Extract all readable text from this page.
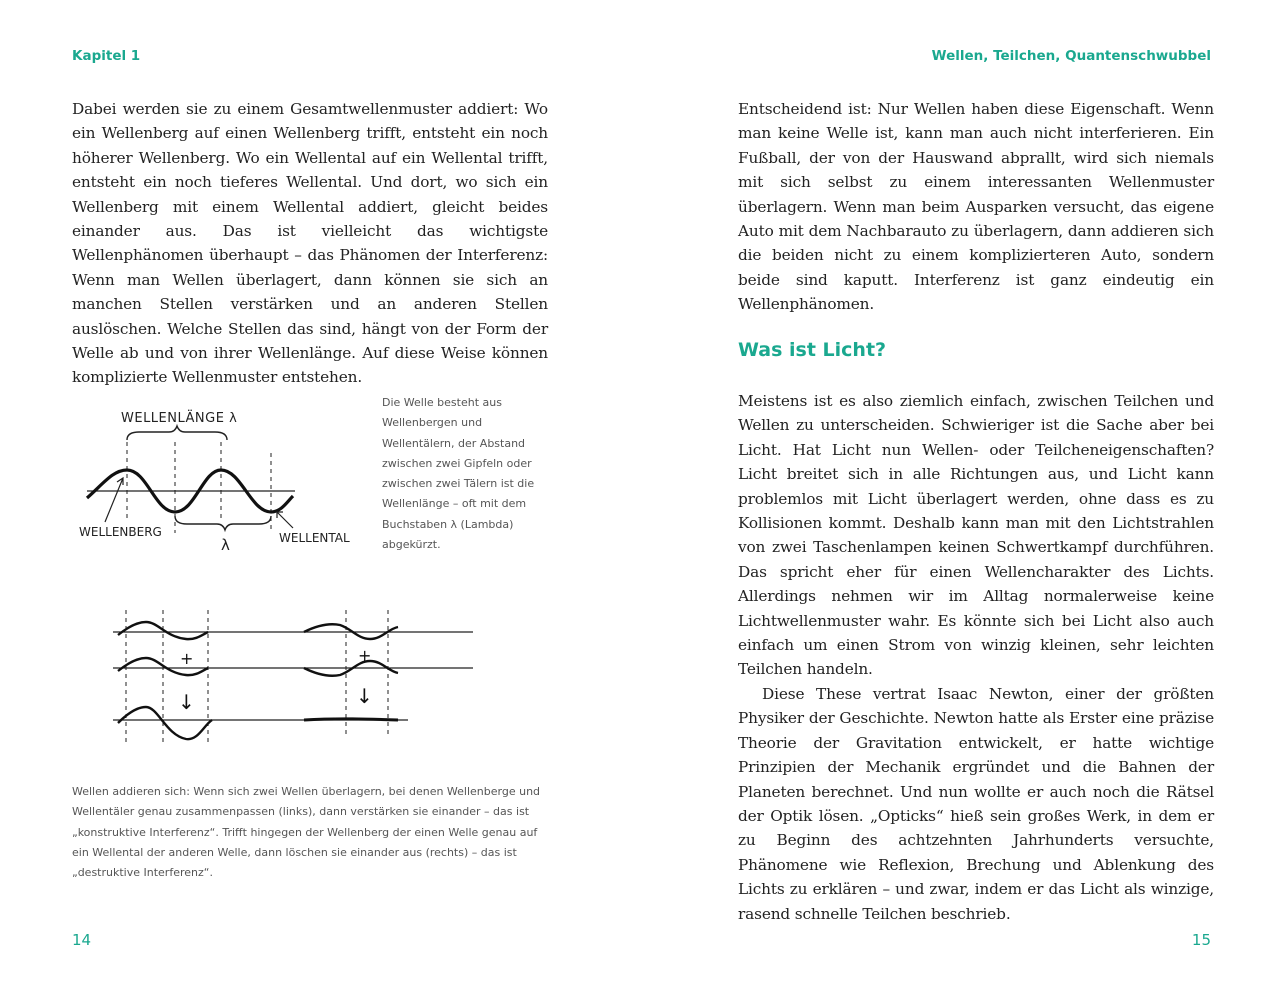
Kapitel 1

Dabei werden sie zu einem Gesamtwellenmuster addiert: Wo ein Wellenberg auf einen Wellenberg trifft, entsteht ein noch höherer Wellenberg. Wo ein Wellental auf ein Wellental trifft, entsteht ein noch tieferes Wellental. Und dort, wo sich ein Wellenberg mit einem Wellental addiert, gleicht beides einander aus. Das ist vielleicht das wichtigste Wellenphänomen überhaupt – das Phänomen der Interferenz: Wenn man Wellen überlagert, dann können sie sich an manchen Stellen verstärken und an anderen Stellen auslöschen. Welche Stellen das sind, hängt von der Form der Welle ab und von ihrer Wellenlänge. Auf diese Weise können komplizierte Wellenmuster entstehen.

WELLENLÄNGE λ
λ
WELLENBERG	WELLENTAL
Die Welle besteht aus Wellenbergen und Wellentälern, der Abstand zwischen zwei Gipfeln oder zwischen zwei Tälern ist die Wellenlänge – oft mit dem Buchstaben λ (Lambda) abgekürzt.
+
↓
+
↓
Wellen addieren sich: Wenn sich zwei Wellen überlagern, bei denen Wellenberge und Wellentäler genau zusammenpassen (links), dann verstärken sie einander – das ist „konstruktive Interferenz“. Trifft hingegen der Wellenberg der einen Welle genau auf ein Wellental der anderen Welle, dann löschen sie einander aus (rechts) – das ist „destruktive Interferenz“.
14
Wellen, Teilchen, Quantenschwubbel

Entscheidend ist: Nur Wellen haben diese Eigenschaft. Wenn man keine Welle ist, kann man auch nicht interferieren. Ein Fußball, der von der Hauswand abprallt, wird sich niemals mit sich selbst zu einem interessanten Wellenmuster überlagern. Wenn man beim Ausparken versucht, das eigene Auto mit dem Nachbarauto zu überlagern, dann addieren sich die beiden nicht zu einem komplizierteren Auto, sondern beide sind kaputt. Interferenz ist ganz eindeutig ein Wellenphänomen.

Was ist Licht?

Meistens ist es also ziemlich einfach, zwischen Teilchen und Wellen zu unterscheiden. Schwieriger ist die Sache aber bei Licht. Hat Licht nun Wellen- oder Teilcheneigenschaften? Licht breitet sich in alle Richtungen aus, und Licht kann problemlos mit Licht überlagert werden, ohne dass es zu Kollisionen kommt. Deshalb kann man mit den Lichtstrahlen von zwei Taschenlampen keinen Schwertkampf durchführen. Das spricht eher für einen Wellencharakter des Lichts. Allerdings nehmen wir im Alltag normalerweise keine Lichtwellenmuster wahr. Es könnte sich bei Licht also auch einfach um einen Strom von winzig kleinen, sehr leichten Teilchen handeln.

Diese These vertrat Isaac Newton, einer der größten Physiker der Geschichte. Newton hatte als Erster eine präzise Theorie der Gravitation entwickelt, er hatte wichtige Prinzipien der Mechanik ergründet und die Bahnen der Planeten berechnet. Und nun wollte er auch noch die Rätsel der Optik lösen. „Opticks“ hieß sein großes Werk, in dem er zu Beginn des achtzehnten Jahrhunderts versuchte, Phänomene wie Reflexion, Brechung und Ablenkung des Lichts zu erklären – und zwar, indem er das Licht als winzige, rasend schnelle Teilchen beschrieb.

15
